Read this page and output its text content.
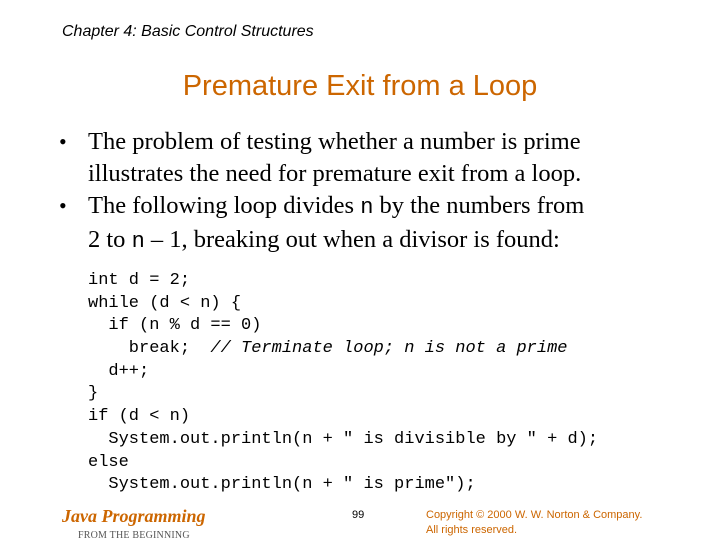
Chapter 4: Basic Control Structures
Premature Exit from a Loop
• The problem of testing whether a number is prime
illustrates the need for premature exit from a loop.
• The following loop divides n by the numbers from
2 to n – 1, breaking out when a divisor is found:
int d = 2;
while (d < n) {
if (n % d == 0)
break;  // Terminate loop; n is not a prime
d++;
}
if (d < n)
System.out.println(n + " is divisible by " + d);
else
System.out.println(n + " is prime");
Java Programming
FROM THE BEGINNING
99	Copyright © 2000 W. W. Norton & Company.
All rights reserved.
